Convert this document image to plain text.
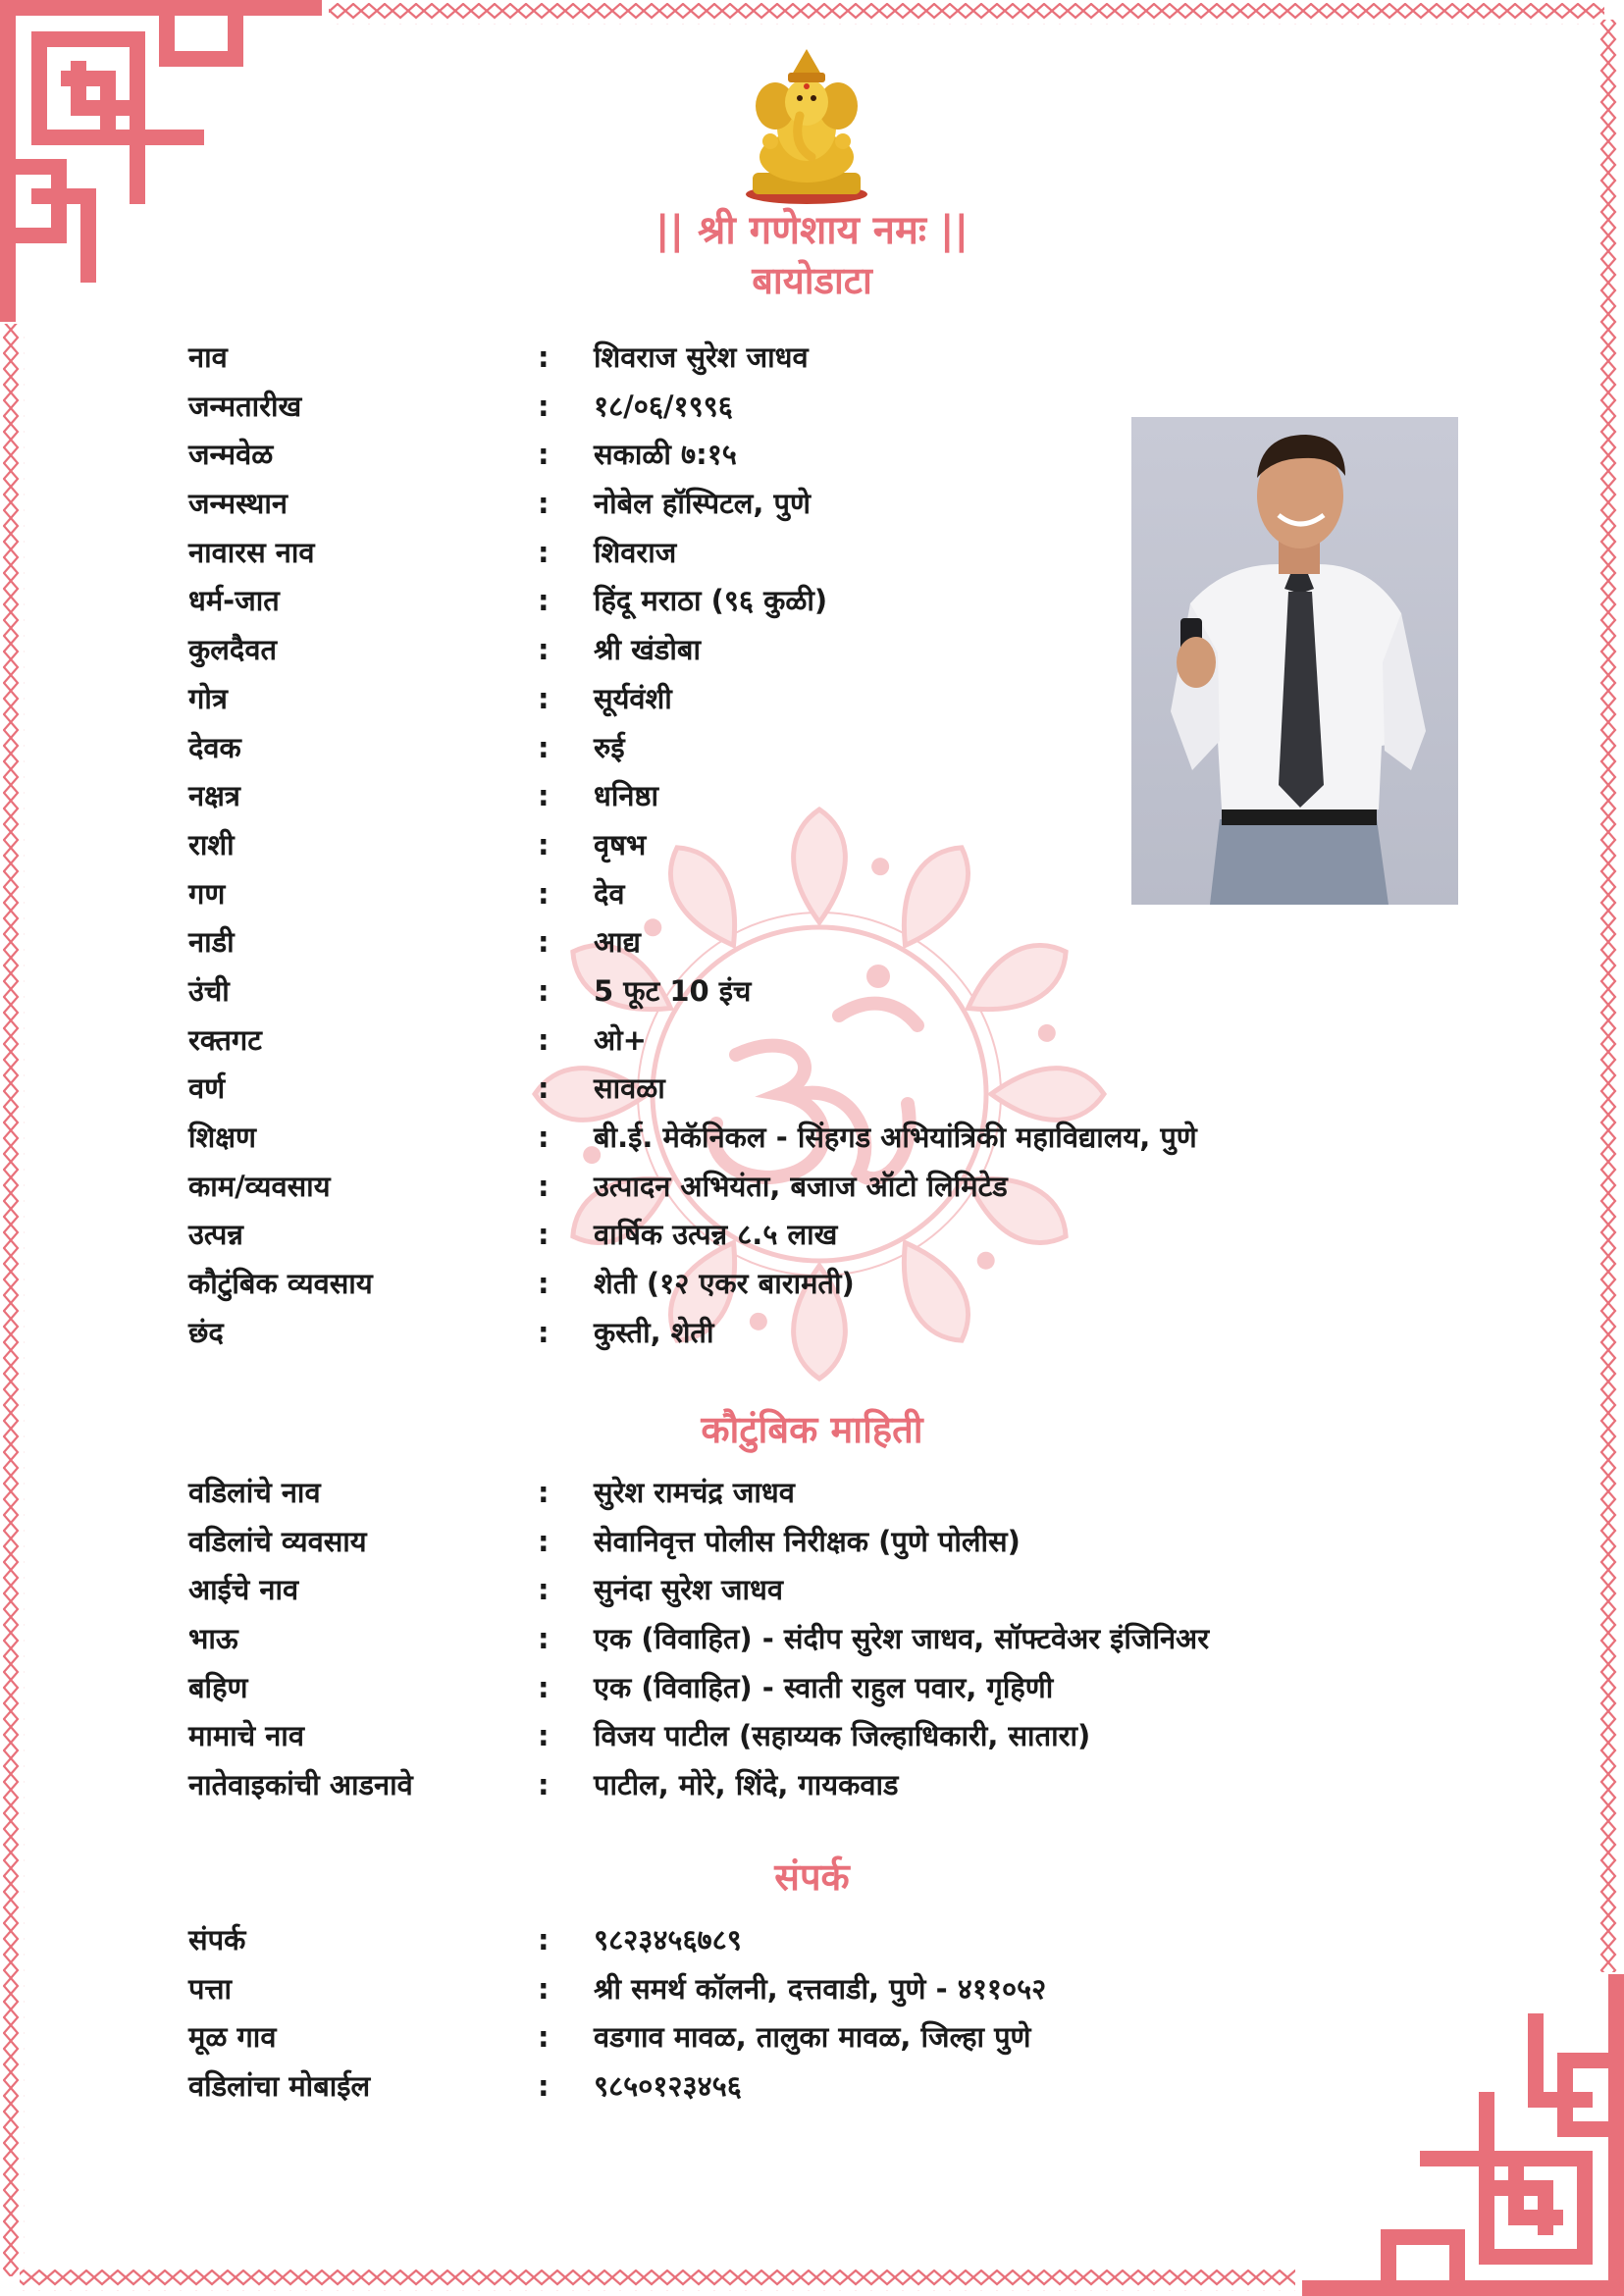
|| श्री गणेशाय नमः ||
बायोडाटा
नाव	: शिवराज सुरेश जाधव
जन्मतारीख	: १८/०६/१९९६
जन्मवेळ	: सकाळी ७:१५
जन्मस्थान	: नोबेल हॉस्पिटल, पुणे
नावारस नाव	: शिवराज
धर्म-जात	: हिंदू मराठा (९६ कुळी)
कुलदैवत	: श्री खंडोबा
गोत्र	: सूर्यवंशी
देवक	: रुई
नक्षत्र	: धनिष्ठा
राशी	: वृषभ
गण	: देव
नाडी	: आद्य
उंची	: 5 फूट 10 इंच
रक्तगट	: ओ+
वर्ण	: सावळा
शिक्षण	: बी.ई. मेकॅनिकल - सिंहगड अभियांत्रिकी महाविद्यालय, पुणे
काम/व्यवसाय	: उत्पादन अभियंता, बजाज ऑटो लिमिटेड
उत्पन्न	: वार्षिक उत्पन्न ८.५ लाख
कौटुंबिक व्यवसाय	: शेती (१२ एकर बारामती)
छंद	: कुस्ती, शेती
कौटुंबिक माहिती
वडिलांचे नाव	: सुरेश रामचंद्र जाधव
वडिलांचे व्यवसाय	: सेवानिवृत्त पोलीस निरीक्षक (पुणे पोलीस)
आईचे नाव	: सुनंदा सुरेश जाधव
भाऊ	: एक (विवाहित) - संदीप सुरेश जाधव, सॉफ्टवेअर इंजिनिअर
बहिण	: एक (विवाहित) - स्वाती राहुल पवार, गृहिणी
मामाचे नाव	: विजय पाटील (सहाय्यक जिल्हाधिकारी, सातारा)
नातेवाइकांची आडनावे	: पाटील, मोरे, शिंदे, गायकवाड
संपर्क
संपर्क	: ९८२३४५६७८९
पत्ता	: श्री समर्थ कॉलनी, दत्तवाडी, पुणे - ४११०५२
मूळ गाव	: वडगाव मावळ, तालुका मावळ, जिल्हा पुणे
वडिलांचा मोबाईल	: ९८५०१२३४५६
